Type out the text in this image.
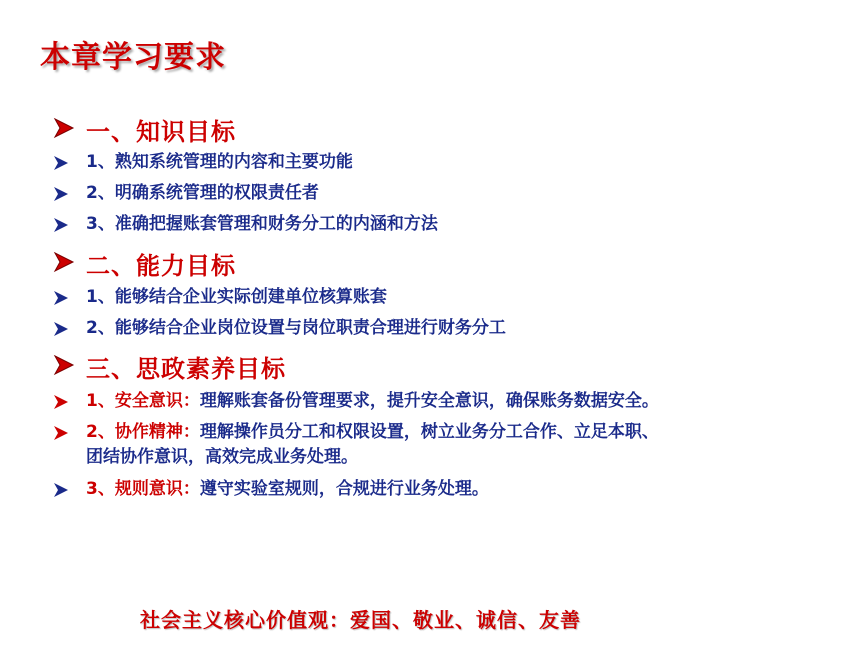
本章学习要求
一、知识目标
1、熟知系统管理的内容和主要功能
2、明确系统管理的权限责任者
3、准确把握账套管理和财务分工的内涵和方法
二、能力目标
1、能够结合企业实际创建单位核算账套
2、能够结合企业岗位设置与岗位职责合理进行财务分工
三、思政素养目标
1、安全意识：理解账套备份管理要求，提升安全意识，确保账务数据安全。
2、协作精神：理解操作员分工和权限设置，树立业务分工合作、立足本职、
团结协作意识，高效完成业务处理。
3、规则意识：遵守实验室规则，合规进行业务处理。
社会主义核心价值观：爱国、敬业、诚信、友善
